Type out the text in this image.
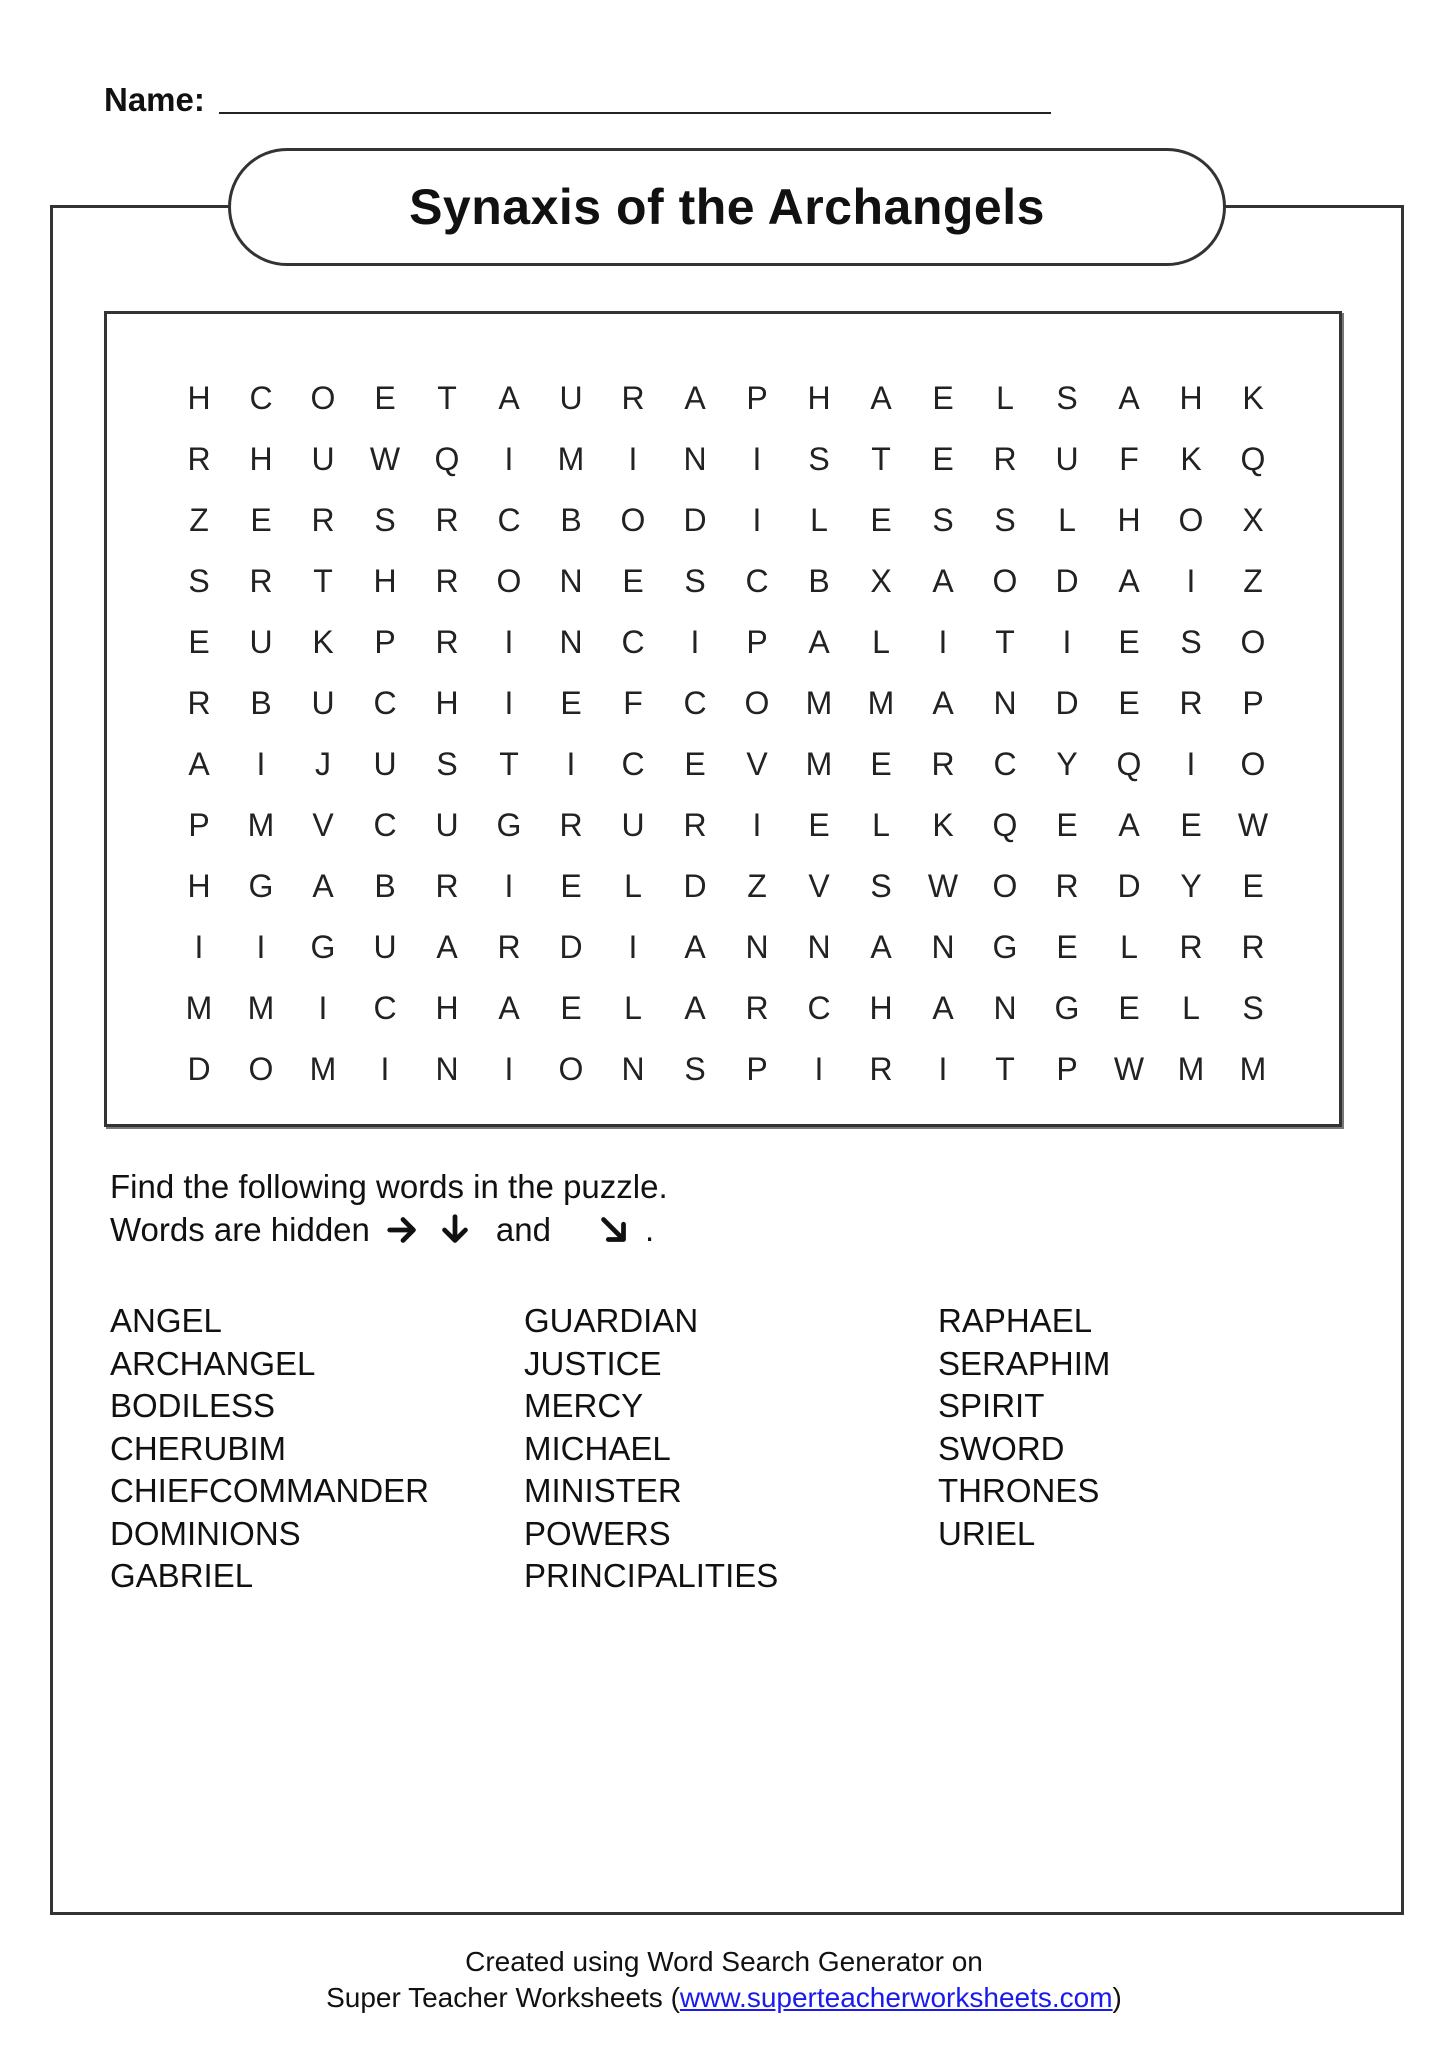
Name:
Synaxis of the Archangels
H	C	O	E	T	A	U	R	A	P	H	A	E	L	S	A	H	K
R	H	U	W	Q	I	M	I	N	I	S	T	E	R	U	F	K	Q
Z	E	R	S	R	C	B	O	D	I	L	E	S	S	L	H	O	X
S	R	T	H	R	O	N	E	S	C	B	X	A	O	D	A	I	Z
E	U	K	P	R	I	N	C	I	P	A	L	I	T	I	E	S	O
R	B	U	C	H	I	E	F	C	O	M	M	A	N	D	E	R	P
A	I	J	U	S	T	I	C	E	V	M	E	R	C	Y	Q	I	O
P	M	V	C	U	G	R	U	R	I	E	L	K	Q	E	A	E	W
H	G	A	B	R	I	E	L	D	Z	V	S	W	O	R	D	Y	E
I	I	G	U	A	R	D	I	A	N	N	A	N	G	E	L	R	R
M	M	I	C	H	A	E	L	A	R	C	H	A	N	G	E	L	S
D	O	M	I	N	I	O	N	S	P	I	R	I	T	P	W	M	M
Find the following words in the puzzle.
Words are hidden	and	.
ANGEL
ARCHANGEL
BODILESS
CHERUBIM
CHIEFCOMMANDER
DOMINIONS
GABRIEL
GUARDIAN
JUSTICE
MERCY
MICHAEL
MINISTER
POWERS
PRINCIPALITIES
RAPHAEL
SERAPHIM
SPIRIT
SWORD
THRONES
URIEL
Created using Word Search Generator on
Super Teacher Worksheets (www.superteacherworksheets.com)
